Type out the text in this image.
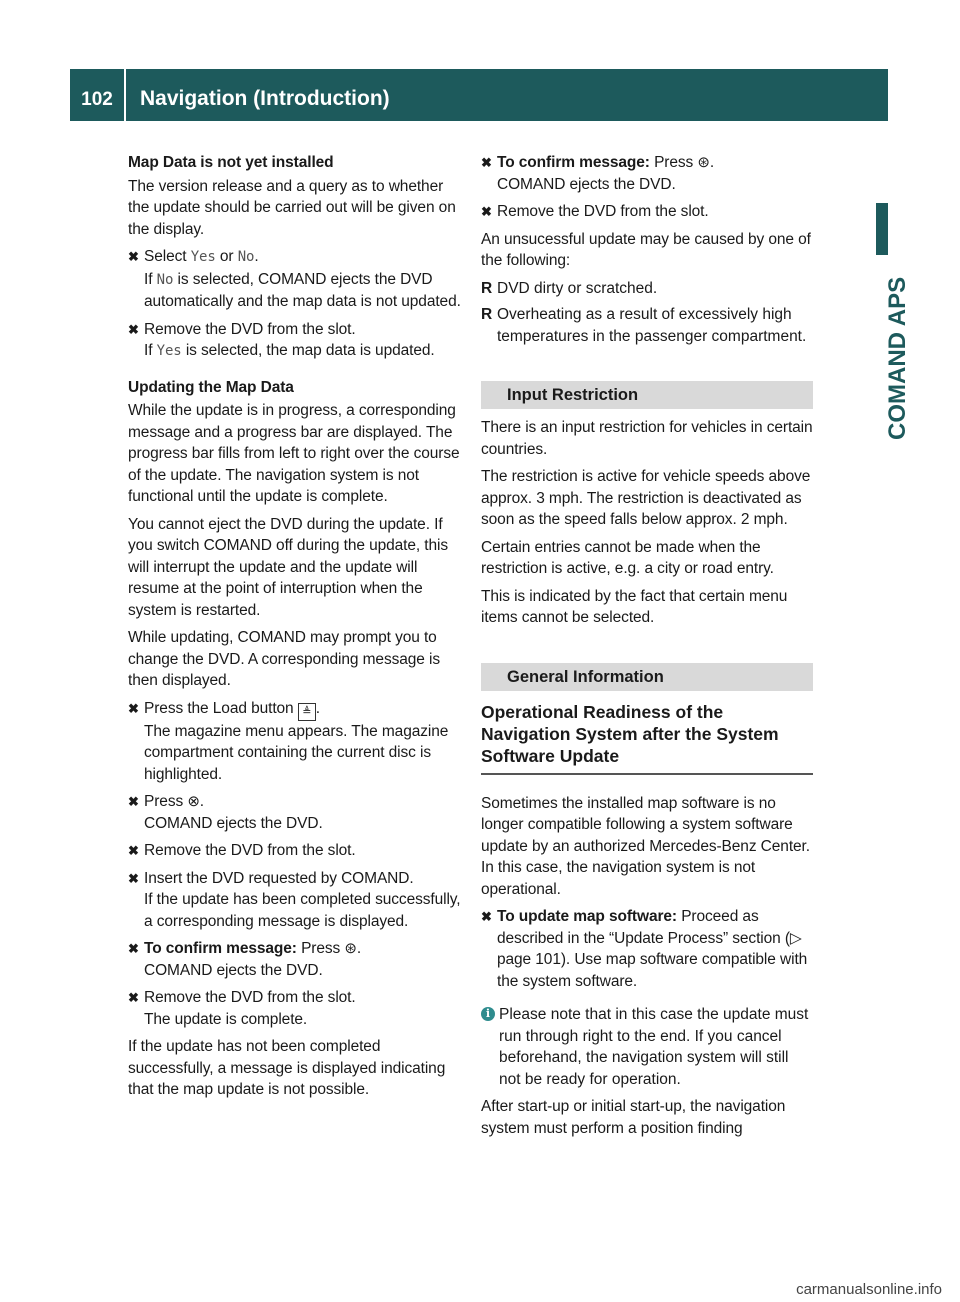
102	Navigation (Introduction)
COMAND APS

Map Data is not yet installed

The version release and a query as to whether the update should be carried out will be given on the display.

✖ Select Yes or No.
If No is selected, COMAND ejects the DVD automatically and the map data is not updated.
✖ Remove the DVD from the slot.
If Yes is selected, the map data is updated.

Updating the Map Data

While the update is in progress, a corresponding message and a progress bar are displayed. The progress bar fills from left to right over the course of the update. The navigation system is not functional until the update is complete.

You cannot eject the DVD during the update. If you switch COMAND off during the update, this will interrupt the update and the update will resume at the point of interruption when the system is restarted.

While updating, COMAND may prompt you to change the DVD. A corresponding message is then displayed.

✖ Press the Load button ≜ .
The magazine menu appears. The magazine compartment containing the current disc is highlighted.
✖ Press ⊗.
COMAND ejects the DVD.
✖ Remove the DVD from the slot.
✖ Insert the DVD requested by COMAND.
If the update has been completed successfully, a corresponding message is displayed.
✖ To confirm message: Press ⊛.
COMAND ejects the DVD.
✖ Remove the DVD from the slot.
The update is complete.

If the update has not been completed successfully, a message is displayed indicating that the map update is not possible.

✖ To confirm message: Press ⊛.
COMAND ejects the DVD.
✖ Remove the DVD from the slot.

An unsucessful update may be caused by one of the following:

R DVD dirty or scratched.
R Overheating as a result of excessively high temperatures in the passenger compartment.
Input Restriction

There is an input restriction for vehicles in certain countries.

The restriction is active for vehicle speeds above approx. 3 mph. The restriction is deactivated as soon as the speed falls below approx. 2 mph.

Certain entries cannot be made when the restriction is active, e.g. a city or road entry.

This is indicated by the fact that certain menu items cannot be selected.

General Information
Operational Readiness of the Navigation System after the System Software Update

Sometimes the installed map software is no longer compatible following a system software update by an authorized Mercedes-Benz Center. In this case, the navigation system is not operational.

✖ To update map software: Proceed as described in the “Update Process” section (▷ page 101). Use map software compatible with the system software.
i Please note that in this case the update must run through right to the end. If you cancel beforehand, the navigation system will still not be ready for operation.

After start-up or initial start-up, the navigation system must perform a position finding

carmanualsonline.info
